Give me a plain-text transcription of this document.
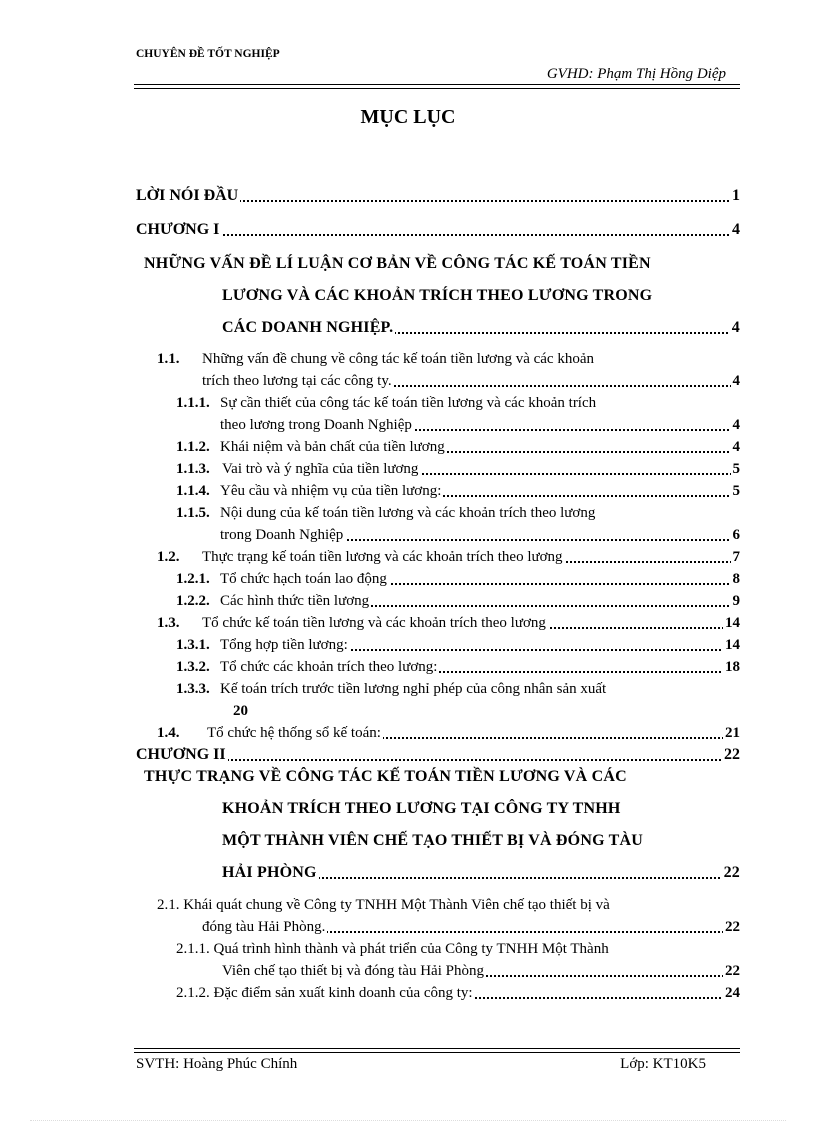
CHUYÊN ĐỀ TỐT NGHIỆP
GVHD: Phạm Thị Hồng Diệp
MỤC LỤC
LỜI NÓI ĐẦU	1
CHƯƠNG I	4
NHỮNG VẤN ĐỀ LÍ LUẬN CƠ BẢN VỀ CÔNG TÁC KẾ TOÁN TIỀN
LƯƠNG VÀ CÁC KHOẢN TRÍCH THEO LƯƠNG TRONG
CÁC DOANH NGHIỆP.	4
1.1. Những vấn đề chung về công tác kế toán tiền lương và các khoản
trích theo lương tại các công ty.	4
1.1.1. Sự cần thiết của công tác kế toán tiền lương và các khoản trích
theo lương trong Doanh Nghiệp	4
1.1.2. Khái niệm và bản chất của tiền lương	4
1.1.3. Vai trò và ý nghĩa của tiền lương	5
1.1.4. Yêu cầu và nhiệm vụ của tiền lương:	5
1.1.5. Nội dung của kế toán tiền lương và các khoản trích theo lương
trong Doanh Nghiệp	6
1.2. Thực trạng kế toán tiền lương và các khoản trích theo lương	7
1.2.1. Tổ chức hạch toán lao động	8
1.2.2. Các hình thức tiền lương	9
1.3. Tổ chức kế toán tiền lương và các khoản trích theo lương	14
1.3.1. Tổng hợp tiền lương:	14
1.3.2. Tổ chức các khoản trích theo lương:	18
1.3.3. Kế toán trích trước tiền lương nghỉ phép của công nhân sản xuất
20
1.4. Tổ chức hệ thống sổ kế toán:	21
CHƯƠNG II	22
THỰC TRẠNG VỀ CÔNG TÁC KẾ TOÁN TIỀN LƯƠNG VÀ CÁC
KHOẢN TRÍCH THEO LƯƠNG TẠI CÔNG TY TNHH
MỘT THÀNH VIÊN CHẾ TẠO THIẾT BỊ VÀ ĐÓNG TÀU
HẢI PHÒNG	22
2.1. Khái quát chung về Công ty TNHH Một Thành Viên chế tạo thiết bị và
đóng tàu Hải Phòng.	22
2.1.1. Quá trình hình thành và phát triển của Công ty TNHH Một Thành
Viên chế tạo thiết bị và đóng tàu Hải Phòng	22
2.1.2. Đặc điểm sản xuất kinh doanh của công ty:	24
SVTH: Hoàng Phúc Chính	Lớp: KT10K5
